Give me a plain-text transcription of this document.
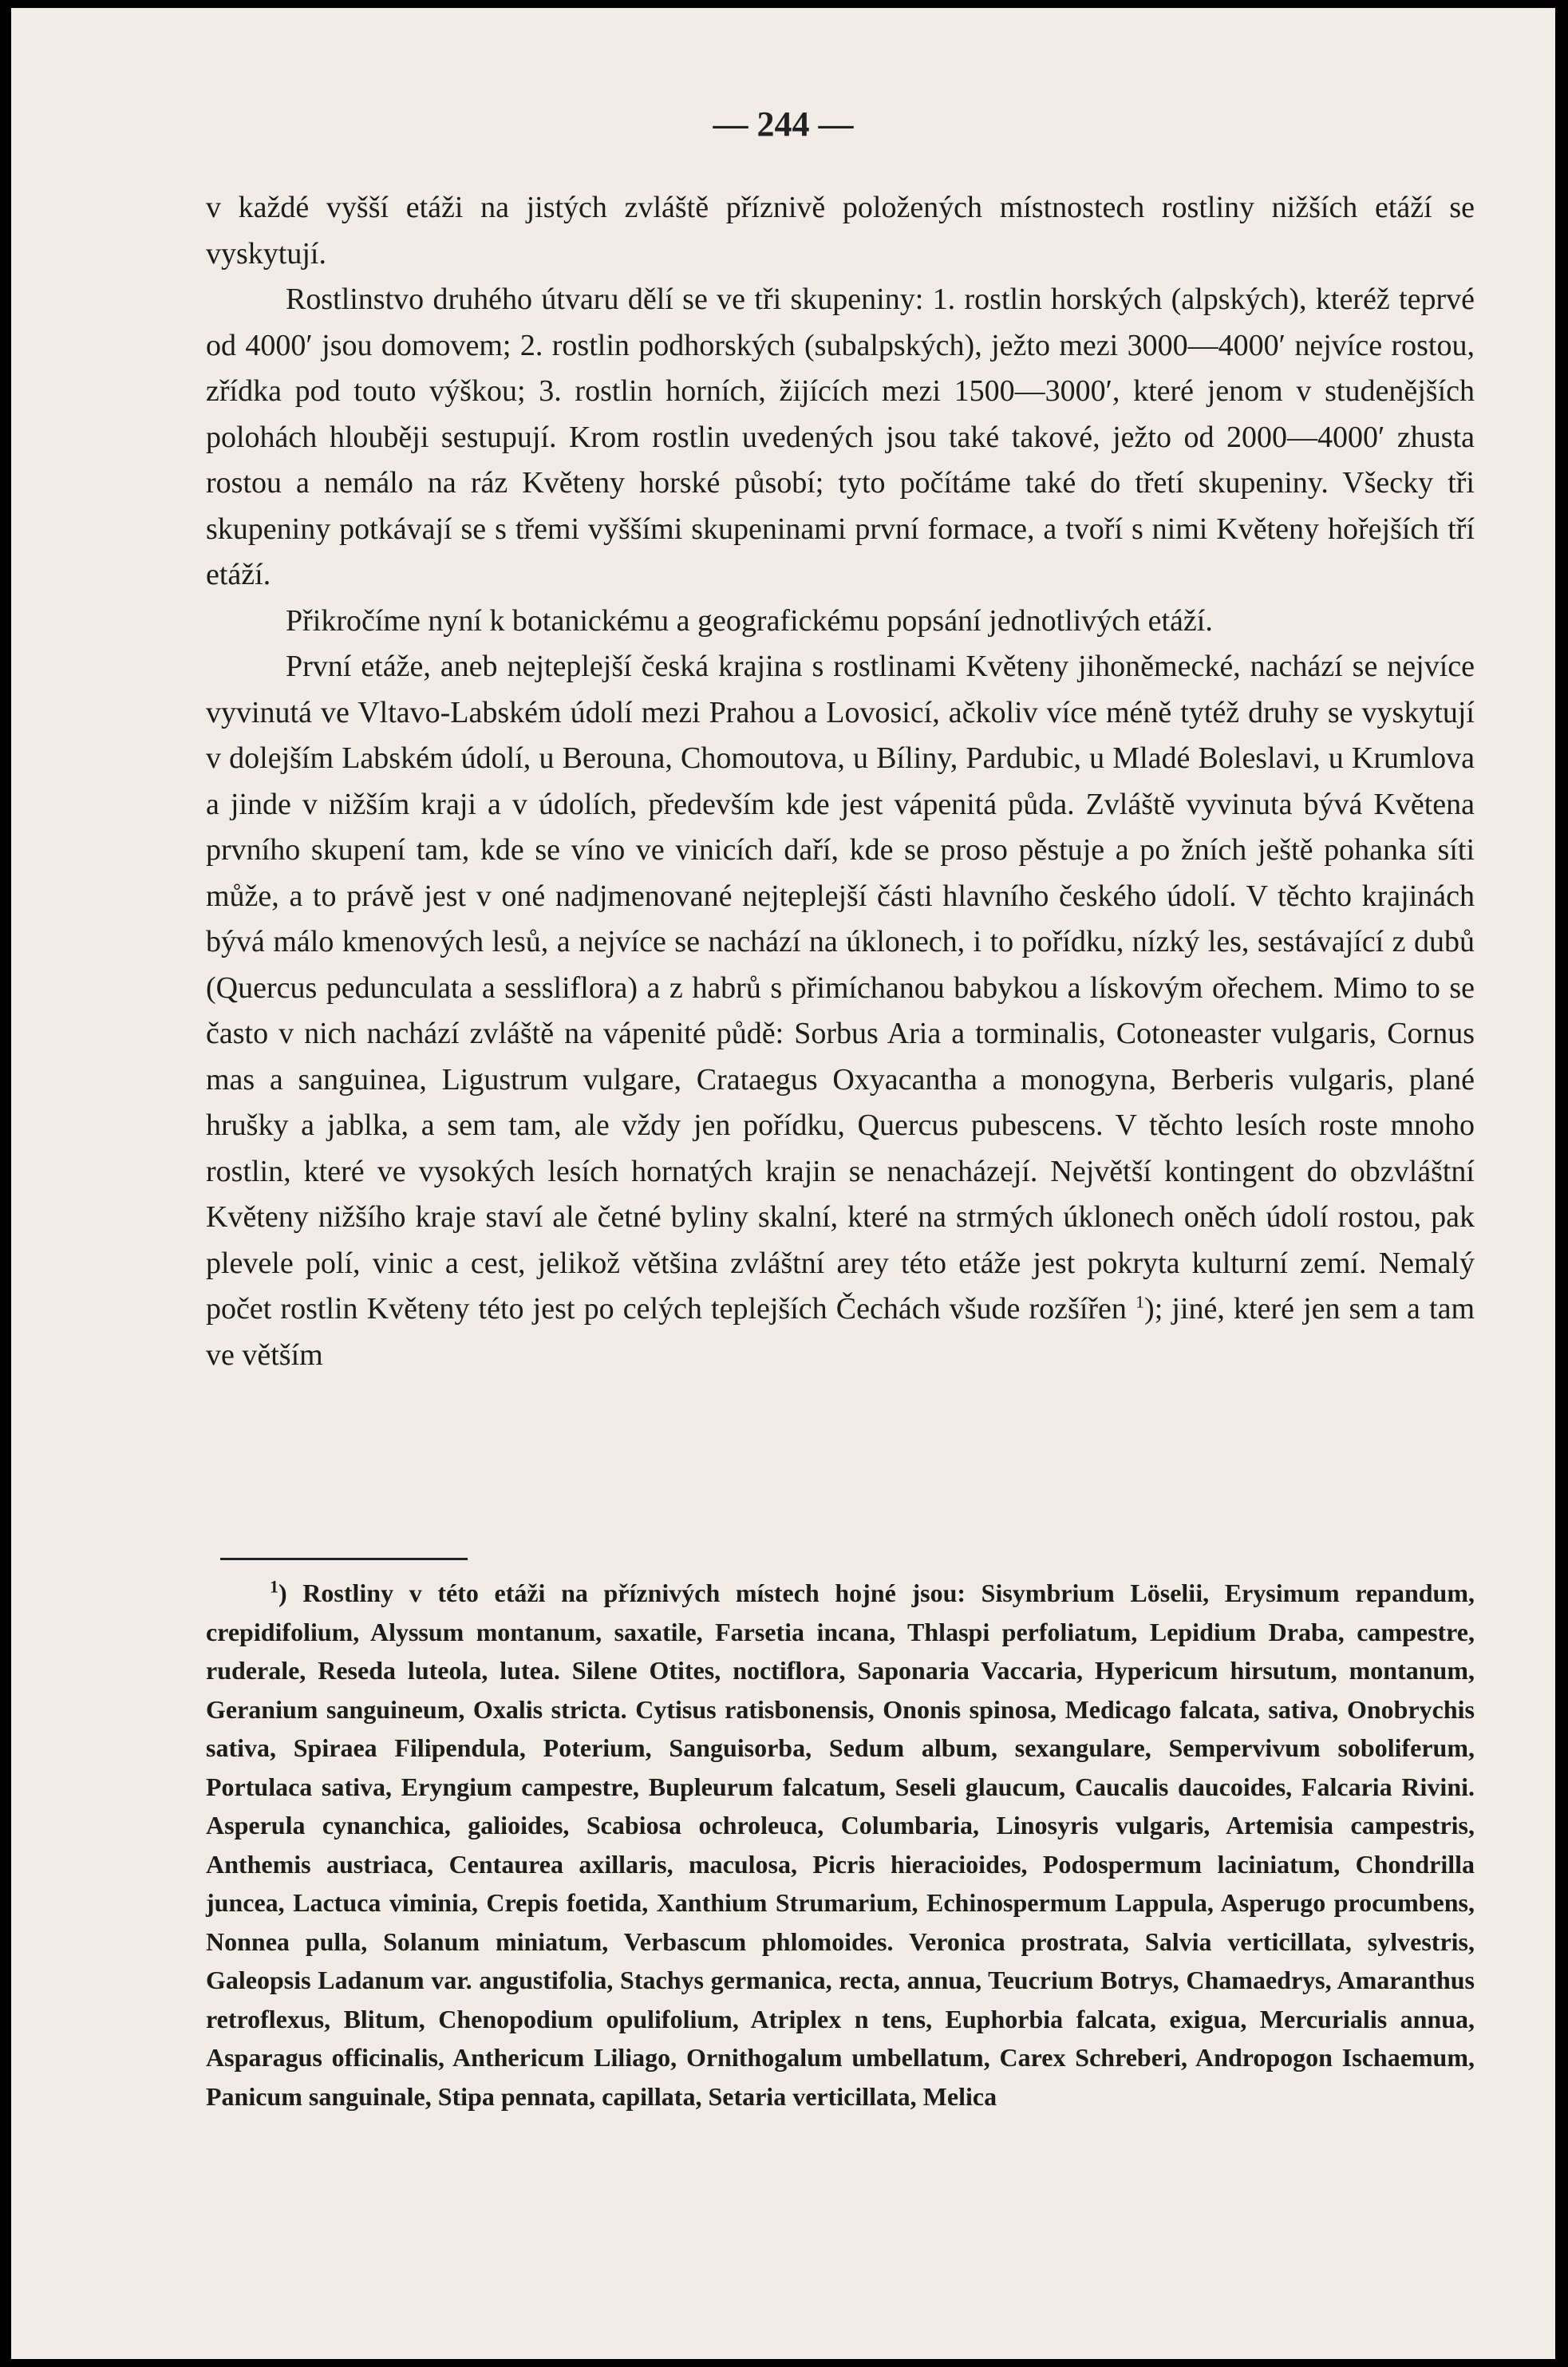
— 244 —

v každé vyšší etáži na jistých zvláště příznivě položených místnostech rostliny nižších etáží se vyskytují.

Rostlinstvo druhého útvaru dělí se ve tři skupeniny: 1. rostlin horských (alpských), kteréž teprvé od 4000′ jsou domovem; 2. rostlin podhorských (subalpských), ježto mezi 3000—4000′ nejvíce rostou, zřídka pod touto výškou; 3. rostlin horních, žijících mezi 1500—3000′, které jenom v studenějších polohách hlouběji sestupují. Krom rostlin uvedených jsou také takové, ježto od 2000—4000′ zhusta rostou a nemálo na ráz Květeny horské působí; tyto počítáme také do třetí skupeniny. Všecky tři skupeniny potkávají se s třemi vyššími skupeninami první formace, a tvoří s nimi Květeny hořejších tří etáží.

Přikročíme nyní k botanickému a geografickému popsání jednotlivých etáží.

První etáže, aneb nejteplejší česká krajina s rostlinami Květeny jihoněmecké, nachází se nejvíce vyvinutá ve Vltavo-Labském údolí mezi Prahou a Lovosicí, ačkoliv více méně tytéž druhy se vyskytují v dolejším Labském údolí, u Berouna, Chomoutova, u Bíliny, Pardubic, u Mladé Boleslavi, u Krumlova a jinde v nižším kraji a v údolích, především kde jest vápenitá půda. Zvláště vyvinuta bývá Květena prvního skupení tam, kde se víno ve vinicích daří, kde se proso pěstuje a po žních ještě pohanka síti může, a to právě jest v oné nadjmenované nejteplejší části hlavního českého údolí. V těchto krajinách bývá málo kmenových lesů, a nejvíce se nachází na úklonech, i to pořídku, nízký les, sestávající z dubů (Quercus pedunculata a sessliflora) a z habrů s přimíchanou babykou a lískovým ořechem. Mimo to se často v nich nachází zvláště na vápenité půdě: Sorbus Aria a torminalis, Cotoneaster vulgaris, Cornus mas a sanguinea, Ligustrum vulgare, Crataegus Oxyacantha a monogyna, Berberis vulgaris, plané hrušky a jablka, a sem tam, ale vždy jen pořídku, Quercus pubescens. V těchto lesích roste mnoho rostlin, které ve vysokých lesích hornatých krajin se nenacházejí. Největší kontingent do obzvláštní Květeny nižšího kraje staví ale četné byliny skalní, které na strmých úklonech oněch údolí rostou, pak plevele polí, vinic a cest, jelikož většina zvláštní arey této etáže jest pokryta kulturní zemí. Nemalý počet rostlin Květeny této jest po celých teplejších Čechách všude rozšířen $^1$); jiné, které jen sem a tam ve větším

$^1$) Rostliny v této etáži na příznivých místech hojné jsou: Sisymbrium Löselii, Erysimum repandum, crepidifolium, Alyssum montanum, saxatile, Farsetia incana, Thlaspi perfoliatum, Lepidium Draba, campestre, ruderale, Reseda luteola, lutea. Silene Otites, noctiflora, Saponaria Vaccaria, Hypericum hirsutum, montanum, Geranium sanguineum, Oxalis stricta. Cytisus ratisbonensis, Ononis spinosa, Medicago falcata, sativa, Onobrychis sativa, Spiraea Filipendula, Poterium, Sanguisorba, Sedum album, sexangulare, Sempervivum soboliferum, Portulaca sativa, Eryngium campestre, Bupleurum falcatum, Seseli glaucum, Caucalis daucoides, Falcaria Rivini. Asperula cynanchica, galioides, Scabiosa ochroleuca, Columbaria, Linosyris vulgaris, Artemisia campestris, Anthemis austriaca, Centaurea axillaris, maculosa, Picris hieracioides, Podospermum laciniatum, Chondrilla juncea, Lactuca viminia, Crepis foetida, Xanthium Strumarium, Echinospermum Lappula, Asperugo procumbens, Nonnea pulla, Solanum miniatum, Verbascum phlomoides. Veronica prostrata, Salvia verticillata, sylvestris, Galeopsis Ladanum var. angustifolia, Stachys germanica, recta, annua, Teucrium Botrys, Chamaedrys, Amaranthus retroflexus, Blitum, Chenopodium opulifolium, Atriplex n tens, Euphorbia falcata, exigua, Mercurialis annua, Asparagus officinalis, Anthericum Liliago, Ornithogalum umbellatum, Carex Schreberi, Andropogon Ischaemum, Panicum sanguinale, Stipa pennata, capillata, Setaria verticillata, Melica
